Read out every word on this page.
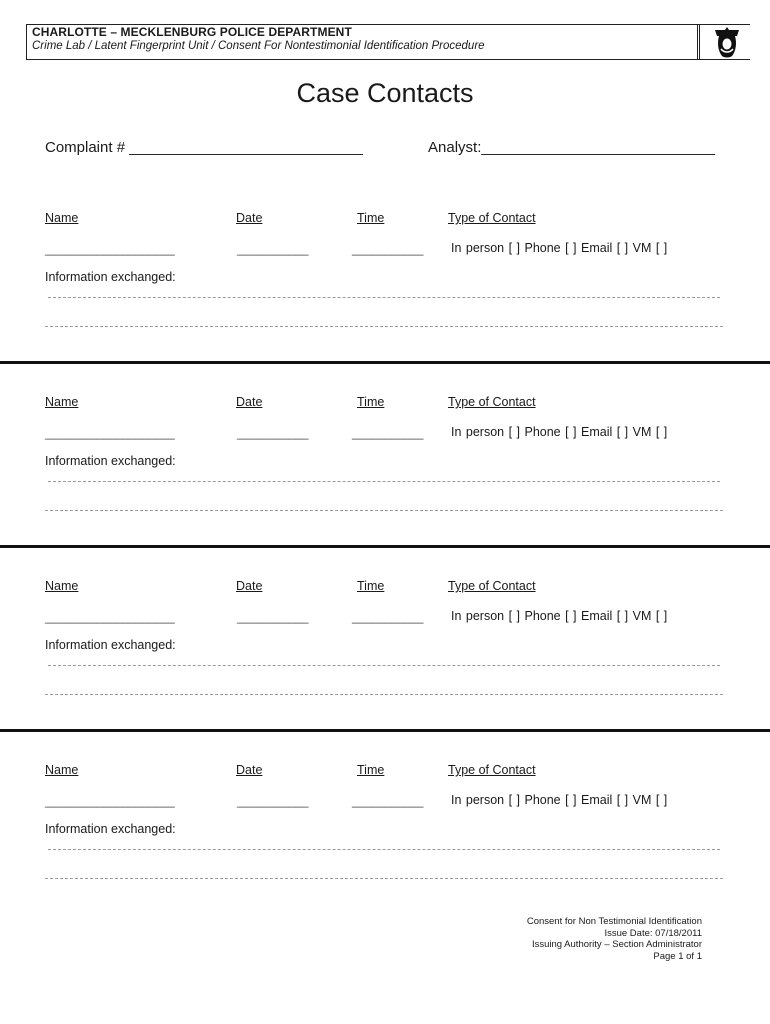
CHARLOTTE – MECKLENBURG POLICE DEPARTMENT
Crime Lab / Latent Fingerprint Unit / Consent For Nontestimonial Identification Procedure
Case Contacts
Complaint # ____________________________	Analyst:____________________________
Name	Date	Time	Type of Contact
____________________	___________	___________ In person [ ] Phone [ ] Email [ ] VM [ ]
Information exchanged:
Name	Date	Time	Type of Contact
____________________	___________	___________ In person [ ] Phone [ ] Email [ ] VM [ ]
Information exchanged:
Name	Date	Time	Type of Contact
____________________	___________	___________ In person [ ] Phone [ ] Email [ ] VM [ ]
Information exchanged:
Name	Date	Time	Type of Contact
____________________	___________	___________ In person [ ] Phone [ ] Email [ ] VM [ ]
Information exchanged:
Consent for Non Testimonial Identification
Issue Date: 07/18/2011
Issuing Authority – Section Administrator
Page 1 of 1
